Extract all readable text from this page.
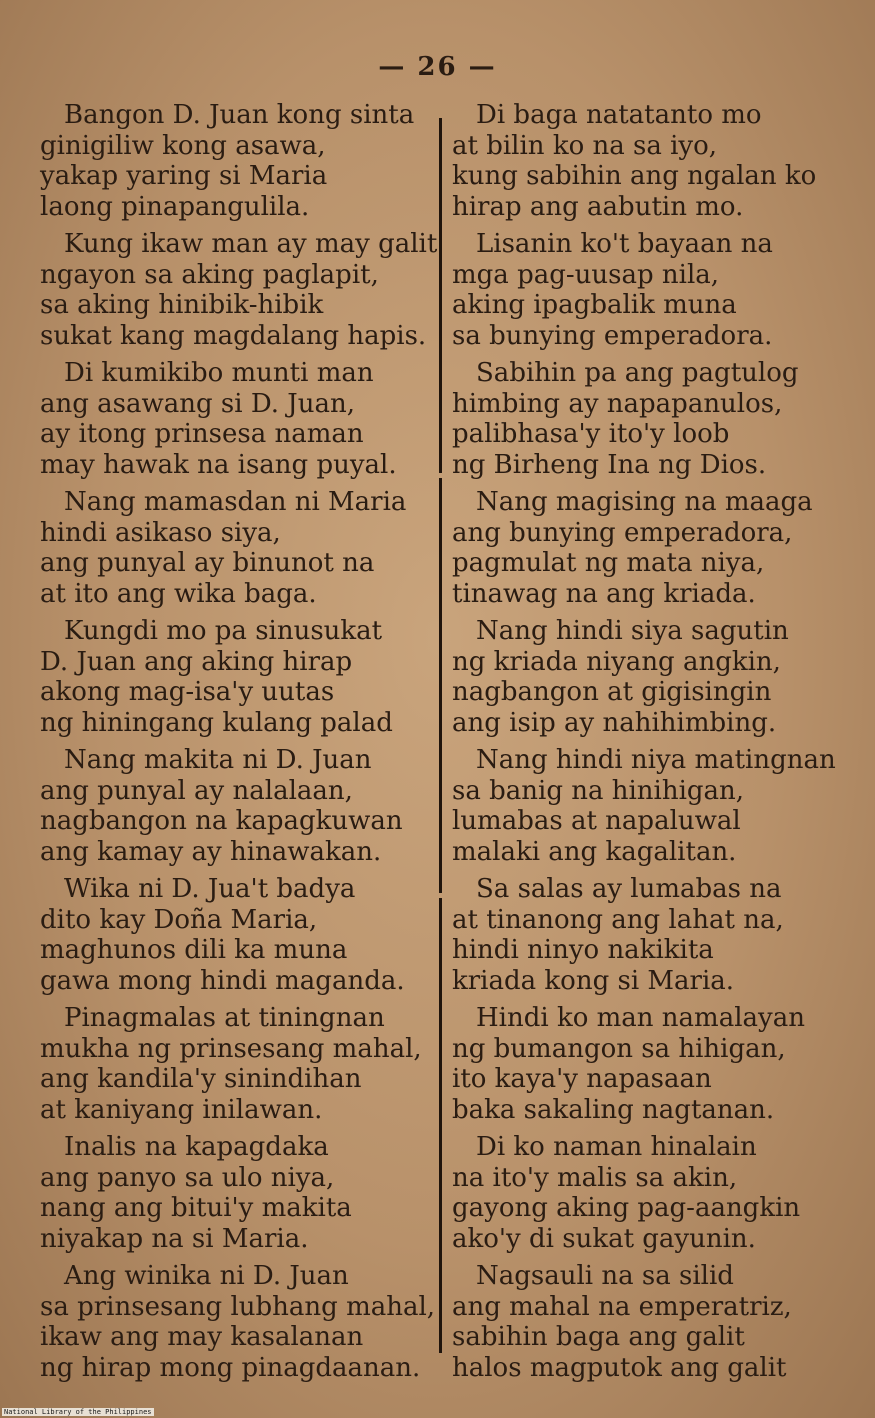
— 26 —
Bangon D. Juan kong sinta
ginigiliw kong asawa,
yakap yaring si Maria
laong pinapangulila.
Kung ikaw man ay may galit
ngayon sa aking paglapit,
sa aking hinibik-hibik
sukat kang magdalang hapis.
Di kumikibo munti man
ang asawang si D. Juan,
ay itong prinsesa naman
may hawak na isang puyal.
Nang mamasdan ni Maria
hindi asikaso siya,
ang punyal ay binunot na
at ito ang wika baga.
Kungdi mo pa sinusukat
D. Juan ang aking hirap
akong mag-isa'y uutas
ng hiningang kulang palad
Nang makita ni D. Juan
ang punyal ay nalalaan,
nagbangon na kapagkuwan
ang kamay ay hinawakan.
Wika ni D. Jua't badya
dito kay Doña Maria,
maghunos dili ka muna
gawa mong hindi maganda.
Pinagmalas at tiningnan
mukha ng prinsesang mahal,
ang kandila'y sinindihan
at kaniyang inilawan.
Inalis na kapagdaka
ang panyo sa ulo niya,
nang ang bitui'y makita
niyakap na si Maria.
Ang winika ni D. Juan
sa prinsesang lubhang mahal,
ikaw ang may kasalanan
ng hirap mong pinagdaanan.
Di baga natatanto mo
at bilin ko na sa iyo,
kung sabihin ang ngalan ko
hirap ang aabutin mo.
Lisanin ko't bayaan na
mga pag-uusap nila,
aking ipagbalik muna
sa bunying emperadora.
Sabihin pa ang pagtulog
himbing ay napapanulos,
palibhasa'y ito'y loob
ng Birheng Ina ng Dios.
Nang magising na maaga
ang bunying emperadora,
pagmulat ng mata niya,
tinawag na ang kriada.
Nang hindi siya sagutin
ng kriada niyang angkin,
nagbangon at gigisingin
ang isip ay nahihimbing.
Nang hindi niya matingnan
sa banig na hinihigan,
lumabas at napaluwal
malaki ang kagalitan.
Sa salas ay lumabas na
at tinanong ang lahat na,
hindi ninyo nakikita
kriada kong si Maria.
Hindi ko man namalayan
ng bumangon sa hihigan,
ito kaya'y napasaan
baka sakaling nagtanan.
Di ko naman hinalain
na ito'y malis sa akin,
gayong aking pag-aangkin
ako'y di sukat gayunin.
Nagsauli na sa silid
ang mahal na emperatriz,
sabihin baga ang galit
halos magputok ang galit
National Library of the Philippines
